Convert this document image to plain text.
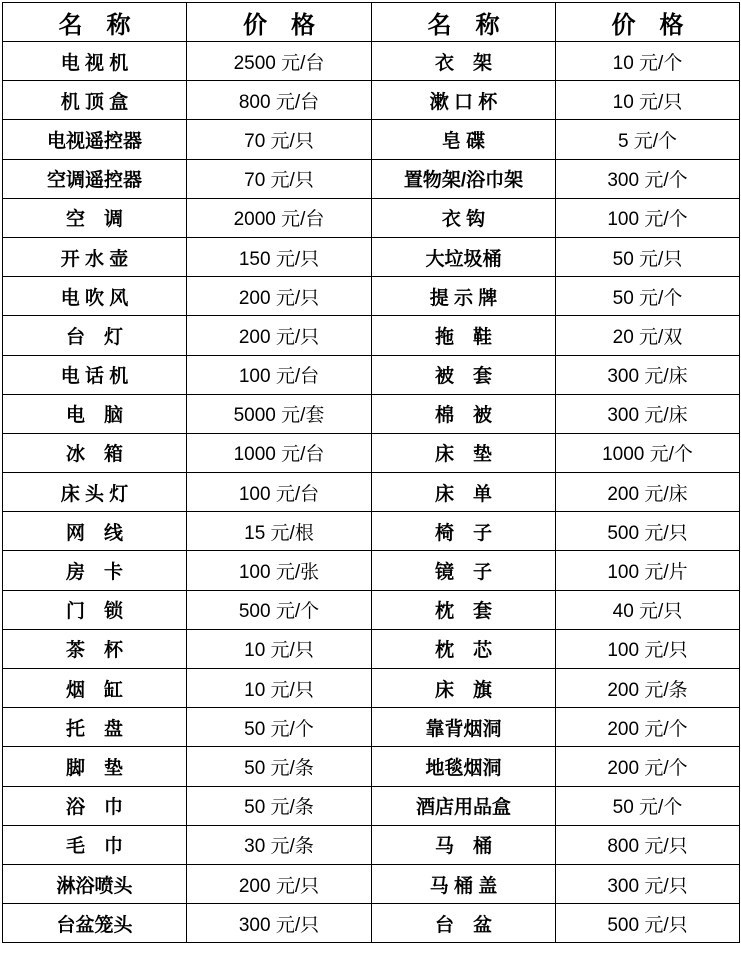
名　称	价　格	名　称	价　格
电 视 机	2500 元/台	衣　架	10 元/个
机 顶 盒	800 元/台	漱 口 杯	10 元/只
电视遥控器	70 元/只	皂 碟	5 元/个
空调遥控器	70 元/只	置物架/浴巾架	300 元/个
空　调	2000 元/台	衣 钩	100 元/个
开 水 壶	150 元/只	大垃圾桶	50 元/只
电 吹 风	200 元/只	提 示 牌	50 元/个
台　灯	200 元/只	拖　鞋	20 元/双
电 话 机	100 元/台	被　套	300 元/床
电　脑	5000 元/套	棉　被	300 元/床
冰　箱	1000 元/台	床　垫	1000 元/个
床 头 灯	100 元/台	床　单	200 元/床
网　线	15 元/根	椅　子	500 元/只
房　卡	100 元/张	镜　子	100 元/片
门　锁	500 元/个	枕　套	40 元/只
茶　杯	10 元/只	枕　芯	100 元/只
烟　缸	10 元/只	床　旗	200 元/条
托　盘	50 元/个	靠背烟洞	200 元/个
脚　垫	50 元/条	地毯烟洞	200 元/个
浴　巾	50 元/条	酒店用品盒	50 元/个
毛　巾	30 元/条	马　桶	800 元/只
淋浴喷头	200 元/只	马 桶 盖	300 元/只
台盆笼头	300 元/只	台　盆	500 元/只
